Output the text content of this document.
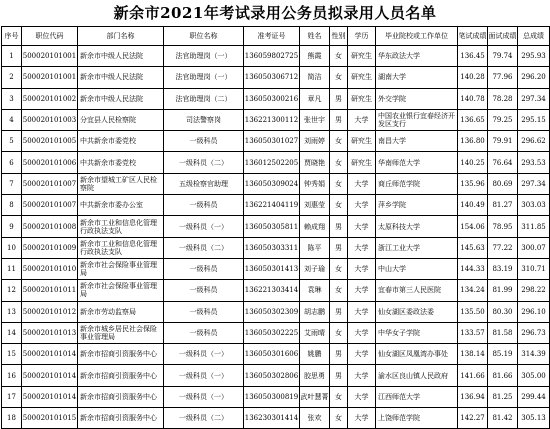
新余市2021年考试录用公务员拟录用人员名单
序号	职位代码	部门名称	职位名称	准考证号	姓名	性别	学历	毕业院校或工作单位	笔试成绩	面试成绩	总成绩
1	500020101001	新余市中级人民法院	法官助理岗（一）	136059802725	熊霞	女	研究生	华东政法大学	136.45	79.74	295.93
2	500020101001	新余市中级人民法院	法官助理岗（一）	136050306712	简洁	女	研究生	湖南大学	140.28	77.96	296.20
3	500020101002	新余市中级人民法院	法官助理岗（二）	136050300216	章凡	男	研究生	外交学院	140.78	78.28	297.34
4	500020101003	分宜县人民检察院	司法警察岗	136221300112	张世宇	男	大学	中国农业银行宜春经济开发区支行	136.65	79.25	295.15
5	500020101005	中共新余市委党校	一级科员	136050301027	刘雨婷	女	研究生	南昌大学	136.80	79.91	296.62
6	500020101006	中共新余市委党校	一级科员（二）	136012502205	贾晓艳	女	研究生	华南师范大学	140.25	76.64	293.53
7	500020101007	新余市望城工矿区人民检察院	五级检察官助理	136050309024	钟秀娟	女	大学	商丘师范学院	135.96	80.69	297.34
8	500020101007	中共新余市委办公室	一级科员	136221404119	刘惠莹	女	大学	萍乡学院	140.49	81.27	303.03
9	500020101008	新余市工业和信息化管理行政执法支队	一级科员（一）	136050305811	赖成翔	男	大学	太原科技大学	154.06	78.95	311.85
10	500020101009	新余市工业和信息化管理行政执法支队	一级科员（二）	136050303311	陈平	男	大学	浙江工业大学	145.63	77.22	300.07
11	500020101010	新余市社会保险事业管理局	一级科员	136050301413	刘子瑜	女	大学	中山大学	144.33	83.19	310.71
12	500020101011	新余市社会保险事业管理局	一级科员	136221303414	袁琳	女	大学	宜春市第三人民医院	134.24	81.99	298.22
13	500020101012	新余市劳动监察局	一级科员	136050302309	胡志鹏	男	大学	仙女湖区委政法委	135.50	80.30	296.10
14	500020101013	新余市城乡居民社会保险事业管理局	一级科员	136050302225	艾雨晴	女	大学	中华女子学院	133.57	81.58	296.73
15	500020101014	新余市招商引资服务中心	一级科员（一）	136050301606	姚鹏	男	大学	仙女湖区凤凰湾办事处	138.14	85.19	314.39
16	500020101014	新余市招商引资服务中心	一级科员（一）	136050302806	胶思勇	男	大学	渝水区良山镇人民政府	141.66	81.66	305.00
17	500020101014	新余市招商引资服务中心	一级科员（一）	136050300819	武叶慧菁	女	大学	江西师范大学	136.94	81.25	299.44
18	500020101015	新余市招商引资服务中心	一级科员（二）	136230301414	张欢	女	大学	上饶师范学院	142.27	81.42	305.13
